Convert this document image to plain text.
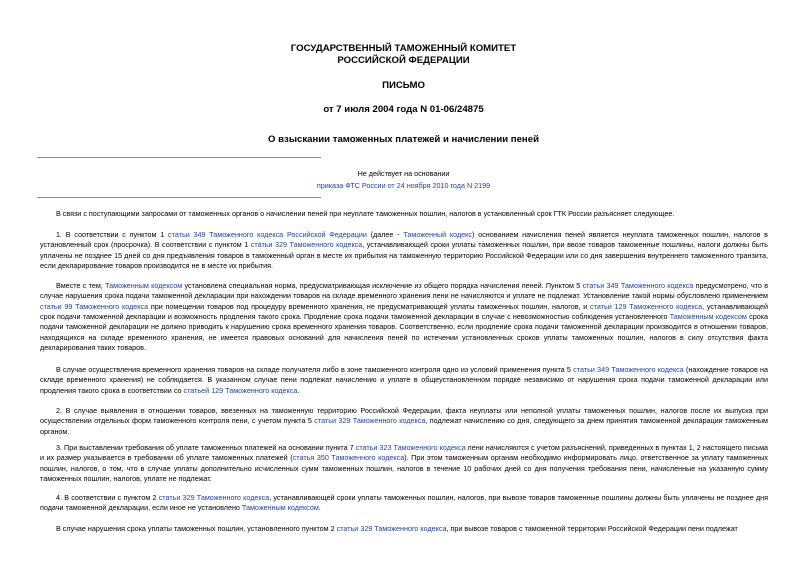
ГОСУДАРСТВЕННЫЙ ТАМОЖЕННЫЙ КОМИТЕТ
РОССИЙСКОЙ ФЕДЕРАЦИИ
ПИСЬМО
от 7 июля 2004 года N 01-06/24875
О взыскании таможенных платежей и начислении пеней
Не действует на основании
приказа ФТС России от 24 ноября 2010 года N 2199

В связи с поступающими запросами от таможенных органов о начислении пеней при неуплате таможенных пошлин, налогов в установленный срок ГТК России разъясняет следующее.

1. В соответствии с пунктом 1 статьи 349 Таможенного кодекса Российской Федерации (далее - Таможенный кодекс) основанием начисления пеней является неуплата таможенных пошлин, налогов в установленный срок (просрочка). В соответствии с пунктом 1 статьи 329 Таможенного кодекса, устанавливающей сроки уплаты таможенных пошлин, при ввозе товаров таможенные пошлины, налоги должны быть уплачены не позднее 15 дней со дня предъявления товаров в таможенный орган в месте их прибытия на таможенную территорию Российской Федерации или со дня завершения внутреннего таможенного транзита, если декларирование товаров производится не в месте их прибытия.

Вместе с тем, Таможенным кодексом установлена специальная норма, предусматривающая исключение из общего порядка начисления пеней. Пунктом 5 статьи 349 Таможенного кодекса предусмотрено, что в случае нарушения срока подачи таможенной декларации при нахождении товаров на складе временного хранения пени не начисляются и уплате не подлежат. Установление такой нормы обусловлено применением статьи 99 Таможенного кодекса при помещении товаров под процедуру временного хранения, не предусматривающей уплаты таможенных пошлин, налогов, и статьи 129 Таможенного кодекса, устанавливающей срок подачи таможенной декларации и возможность продления такого срока. Продление срока подачи таможенной декларации в случае с невозможностью соблюдения установленного Таможенным кодексом срока подачи таможенной декларации не должно приводить к нарушению срока временного хранения товаров. Соответственно, если продление срока подачи таможенной декларации производится в отношении товаров, находящихся на складе временного хранения, не имеется правовых оснований для начисления пеней по истечении установленных сроков уплаты таможенных пошлин, налогов в силу отсутствия факта декларирования таких товаров.

В случае осуществления временного хранения товаров на складе получателя либо в зоне таможенного контроля одно из условий применения пункта 5 статьи 349 Таможенного кодекса (нахождение товаров на складе временного хранения) не соблюдается. В указанном случае пени подлежат начислению и уплате в общеустановленном порядке независимо от нарушения срока подачи таможенной декларации или продления такого срока в соответствии со статьей 129 Таможенного кодекса.

2. В случае выявления в отношении товаров, ввезенных на таможенную территорию Российской Федерации, факта неуплаты или неполной уплаты таможенных пошлин, налогов после их выпуска при осуществлении отдельных форм таможенного контроля пени, с учетом пункта 5 статьи 329 Таможенного кодекса, подлежат начислению со дня, следующего за днем принятия таможенной декларации таможенным органом.

3. При выставлении требования об уплате таможенных платежей на основании пункта 7 статьи 323 Таможенного кодекса пени начисляются с учетом разъяснений, приведенных в пунктах 1, 2 настоящего письма и их размер указывается в требовании об уплате таможенных платежей (статья 350 Таможенного кодекса). При этом таможенным органам необходимо информировать лицо, ответственное за уплату таможенных пошлин, налогов, о том, что в случае уплаты дополнительно исчисленных сумм таможенных пошлин, налогов в течение 10 рабочих дней со дня получения требования пени, начисленные на указанную сумму таможенных пошлин, налогов, уплате не подлежат.

4. В соответствии с пунктом 2 статьи 329 Таможенного кодекса, устанавливающей сроки уплаты таможенных пошлин, налогов, при вывозе товаров таможенные пошлины должны быть уплачены не позднее дня подачи таможенной декларации, если иное не установлено Таможенным кодексом.

В случае нарушения срока уплаты таможенных пошлин, установленного пунктом 2 статьи 329 Таможенного кодекса, при вывозе товаров с таможенной территории Российской Федерации пени подлежат
